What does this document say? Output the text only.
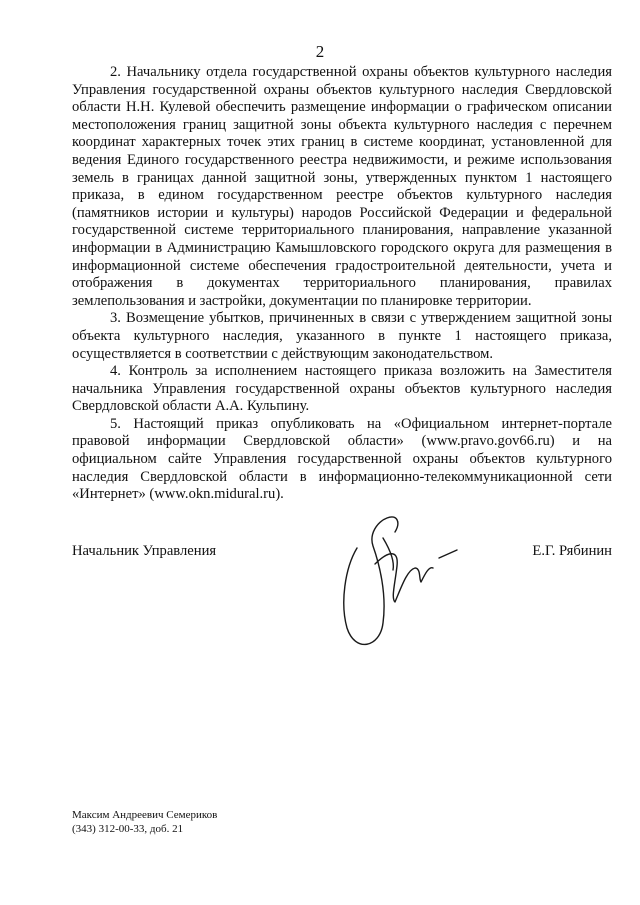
2

2. Начальнику отдела государственной охраны объектов культурного наследия Управления государственной охраны объектов культурного наследия Свердловской области Н.Н. Кулевой обеспечить размещение информации о графическом описании местоположения границ защитной зоны объекта культурного наследия с перечнем координат характерных точек этих границ в системе координат, установленной для ведения Единого государственного реестра недвижимости, и режиме использования земель в границах данной защитной зоны, утвержденных пунктом 1 настоящего приказа, в едином государственном реестре объектов культурного наследия (памятников истории и культуры) народов Российской Федерации и федеральной государственной системе территориального планирования, направление указанной информации в Администрацию Камышловского городского округа для размещения в информационной системе обеспечения градостроительной деятельности, учета и отображения в документах территориального планирования, правилах землепользования и застройки, документации по планировке территории.

3. Возмещение убытков, причиненных в связи с утверждением защитной зоны объекта культурного наследия, указанного в пункте 1 настоящего приказа, осуществляется в соответствии с действующим законодательством.

4. Контроль за исполнением настоящего приказа возложить на Заместителя начальника Управления государственной охраны объектов культурного наследия Свердловской области А.А. Кульпину.

5. Настоящий приказ опубликовать на «Официальном интернет-портале правовой информации Свердловской области» (www.pravo.gov66.ru) и на официальном сайте Управления государственной охраны объектов культурного наследия Свердловской области в информационно-телекоммуникационной сети «Интернет» (www.okn.midural.ru).

Начальник Управления	Е.Г. Рябинин
Максим Андреевич Семериков
(343) 312-00-33, доб. 21
